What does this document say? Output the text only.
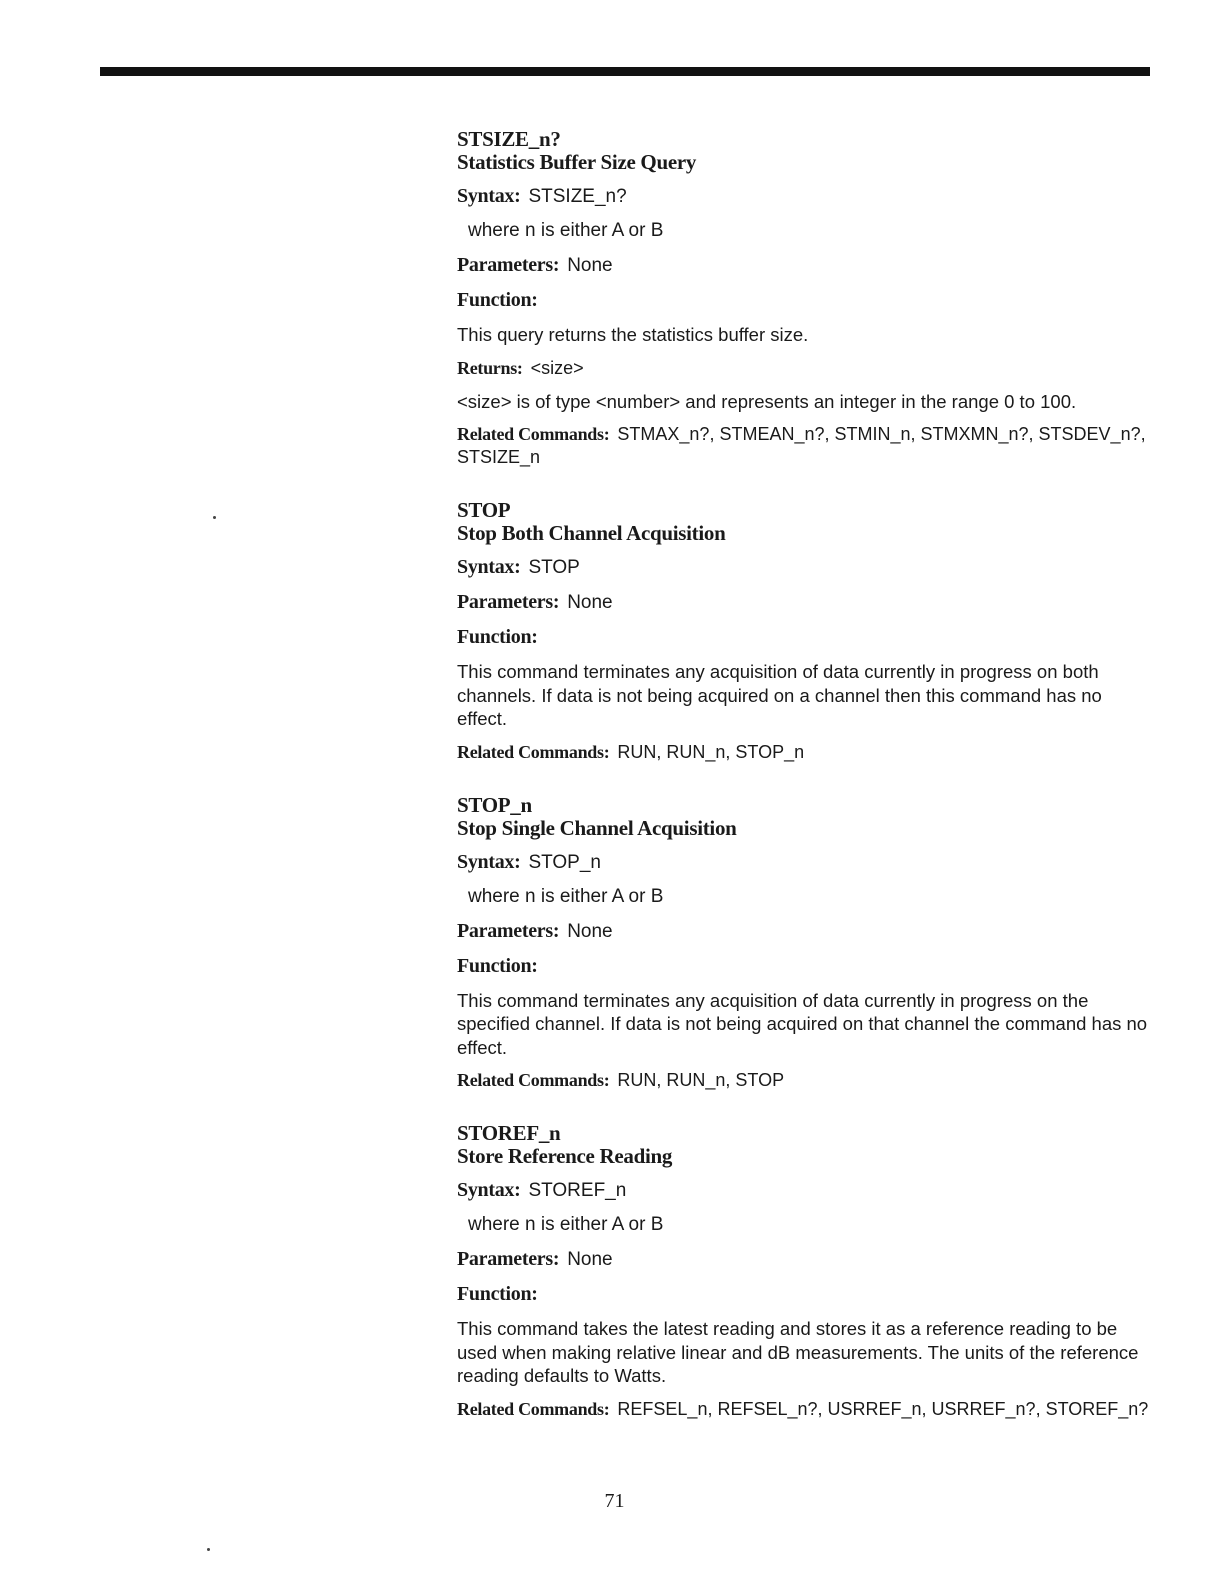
STSIZE_n?
Statistics Buffer Size Query
Syntax: STSIZE_n?
where n is either A or B
Parameters: None
Function:
This query returns the statistics buffer size.
Returns: <size>
<size> is of type <number> and represents an integer in the range 0 to 100.
Related Commands: STMAX_n?, STMEAN_n?, STMIN_n, STMXMN_n?, STSDEV_n?, STSIZE_n
STOP
Stop Both Channel Acquisition
Syntax: STOP
Parameters: None
Function:
This command terminates any acquisition of data currently in progress on both channels. If data is not being acquired on a channel then this command has no effect.
Related Commands: RUN, RUN_n, STOP_n
STOP_n
Stop Single Channel Acquisition
Syntax: STOP_n
where n is either A or B
Parameters: None
Function:
This command terminates any acquisition of data currently in progress on the specified channel. If data is not being acquired on that channel the command has no effect.
Related Commands: RUN, RUN_n, STOP
STOREF_n
Store Reference Reading
Syntax: STOREF_n
where n is either A or B
Parameters: None
Function:
This command takes the latest reading and stores it as a reference reading to be used when making relative linear and dB measurements. The units of the reference reading defaults to Watts.
Related Commands: REFSEL_n, REFSEL_n?, USRREF_n, USRREF_n?, STOREF_n?
71
